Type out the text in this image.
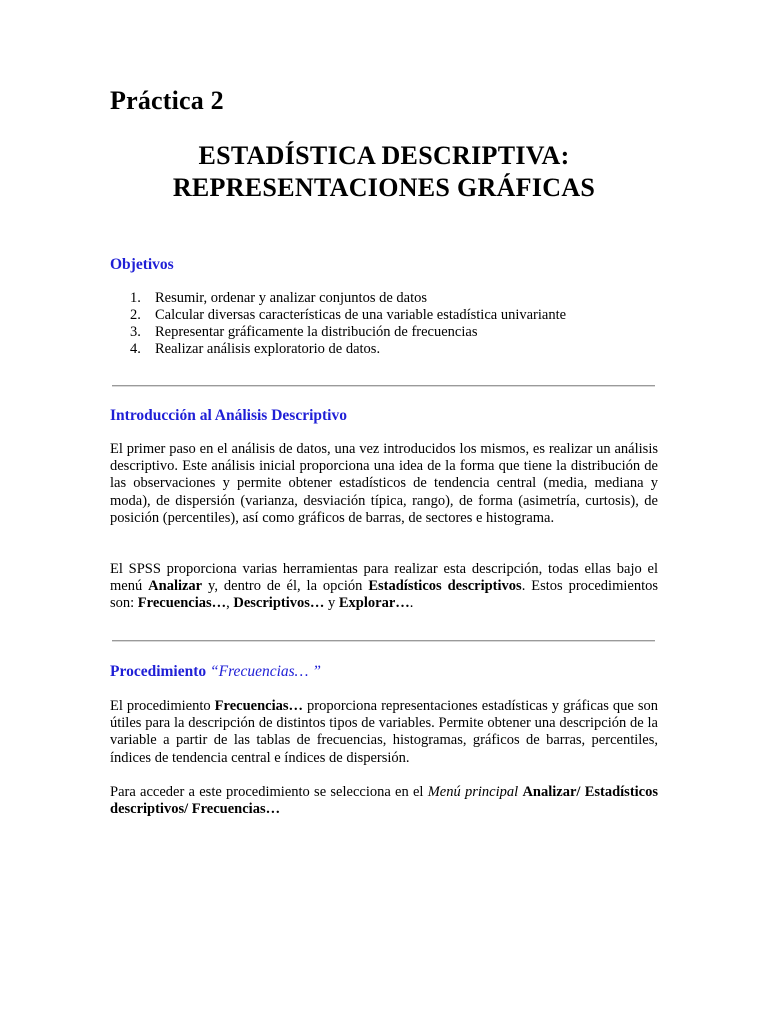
Práctica 2
ESTADÍSTICA DESCRIPTIVA:
REPRESENTACIONES GRÁFICAS
Objetivos
1. Resumir, ordenar y analizar conjuntos de datos
2. Calcular diversas características de una variable estadística univariante
3. Representar gráficamente la distribución de frecuencias
4. Realizar análisis exploratorio de datos.
Introducción al Análisis Descriptivo
El primer paso en el análisis de datos, una vez introducidos los mismos, es realizar un análisis descriptivo. Este análisis inicial proporciona una idea de la forma que tiene la distribución de las observaciones y permite obtener estadísticos de tendencia central (media, mediana y moda), de dispersión (varianza, desviación típica, rango), de forma (asimetría, curtosis), de posición (percentiles), así como gráficos de barras, de sectores e histograma.
El SPSS proporciona varias herramientas para realizar esta descripción, todas ellas bajo el menú Analizar y, dentro de él, la opción Estadísticos descriptivos. Estos procedimientos son: Frecuencias…, Descriptivos… y Explorar….
Procedimiento “Frecuencias… ”
El procedimiento Frecuencias… proporciona representaciones estadísticas y gráficas que son útiles para la descripción de distintos tipos de variables. Permite obtener una descripción de la variable a partir de las tablas de frecuencias, histogramas, gráficos de barras, percentiles, índices de tendencia central e índices de dispersión.
Para acceder a este procedimiento se selecciona en el Menú principal Analizar/ Estadísticos descriptivos/ Frecuencias…
